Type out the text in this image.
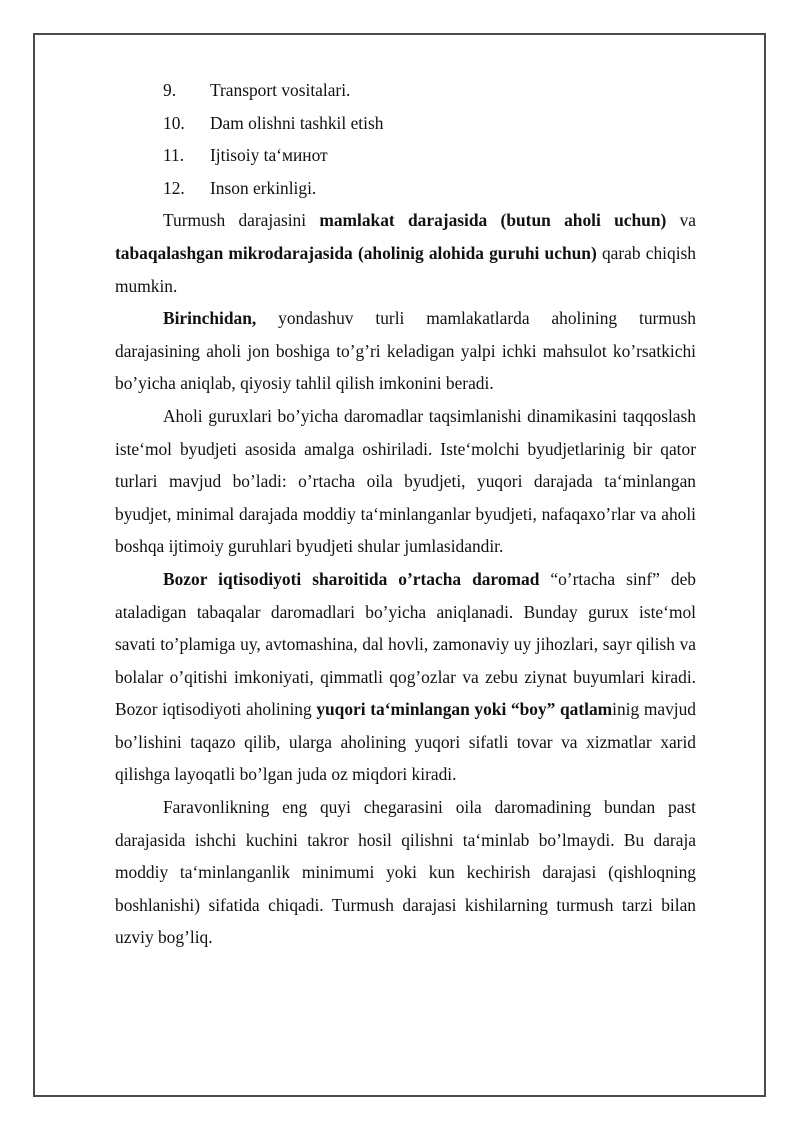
9.	Transport vositalari.
10.	Dam olishni tashkil etish
11.	Ijtisoiy ta‘минот
12.	Inson erkinligi.

Turmush darajasini mamlakat darajasida (butun aholi uchun) va tabaqalashgan mikrodarajasida (aholinig alohida guruhi uchun) qarab chiqish mumkin.

Birinchidan, yondashuv turli mamlakatlarda aholining turmush darajasining aholi jon boshiga to’g’ri keladigan yalpi ichki mahsulot ko’rsatkichi bo’yicha aniqlab, qiyosiy tahlil qilish imkonini beradi.

Aholi guruxlari bo’yicha daromadlar taqsimlanishi dinamikasini taqqoslash iste‘mol byudjeti asosida amalga oshiriladi. Iste‘molchi byudjetlarinig bir qator turlari mavjud bo’ladi: o’rtacha oila byudjeti, yuqori darajada ta‘minlangan byudjet, minimal darajada moddiy ta‘minlanganlar byudjeti, nafaqaxo’rlar va aholi boshqa ijtimoiy guruhlari byudjeti shular jumlasidandir.

Bozor iqtisodiyoti sharoitida o’rtacha daromad “o’rtacha sinf” deb ataladigan tabaqalar daromadlari bo’yicha aniqlanadi. Bunday gurux iste‘mol savati to’plamiga uy, avtomashina, dal hovli, zamonaviy uy jihozlari, sayr qilish va bolalar o’qitishi imkoniyati, qimmatli qog’ozlar va zebu ziynat buyumlari kiradi. Bozor iqtisodiyoti aholining yuqori ta‘minlangan yoki “boy” qatlaminig mavjud bo’lishini taqazo qilib, ularga aholining yuqori sifatli tovar va xizmatlar xarid qilishga layoqatli bo’lgan juda oz miqdori kiradi.

Faravonlikning eng quyi chegarasini oila daromadining bundan past darajasida ishchi kuchini takror hosil qilishni ta‘minlab bo’lmaydi. Bu daraja moddiy ta‘minlanganlik minimumi yoki kun kechirish darajasi (qishloqning boshlanishi) sifatida chiqadi. Turmush darajasi kishilarning turmush tarzi bilan uzviy bog’liq.
